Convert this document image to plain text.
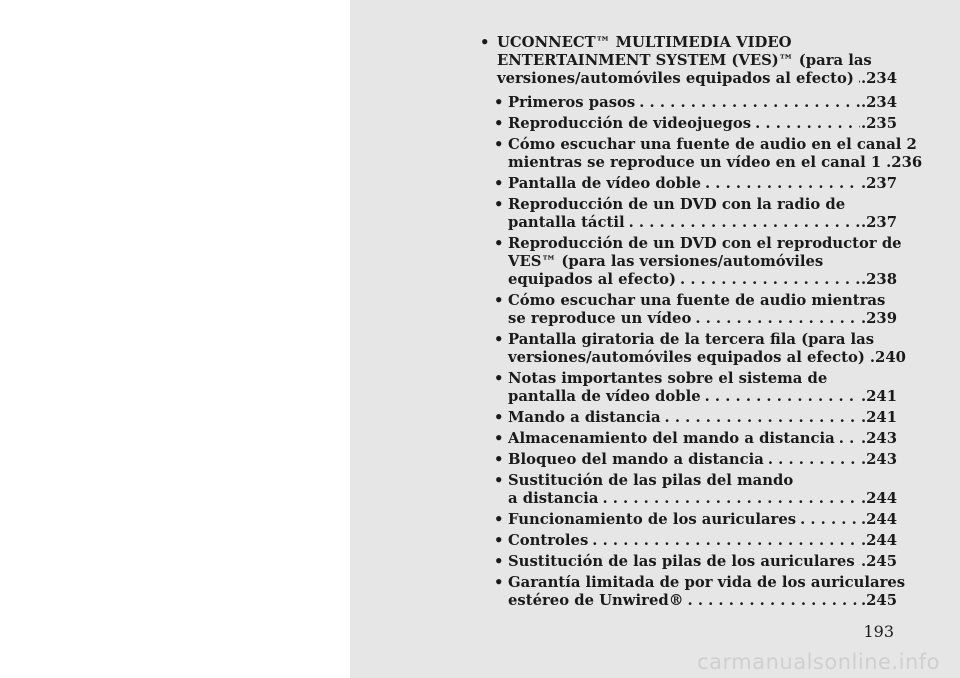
• UCONNECT™ MULTIMEDIA VIDEO
ENTERTAINMENT SYSTEM (VES)™ (para las
versiones/automóviles equipados al efecto) . . . .234
• Primeros pasos . . .	.234
• Reproducción de videojuegos . . .	.235
• Cómo escuchar una fuente de audio en el canal 2
mientras se reproduce un vídeo en el canal 1 .236
• Pantalla de vídeo doble . . .	.237
• Reproducción de un DVD con la radio de
pantalla táctil . . .	.237
• Reproducción de un DVD con el reproductor de
VES™ (para las versiones/automóviles
equipados al efecto) . . .	.238
• Cómo escuchar una fuente de audio mientras
se reproduce un vídeo . . .	.239
• Pantalla giratoria de la tercera fila (para las
versiones/automóviles equipados al efecto) .240
• Notas importantes sobre el sistema de
pantalla de vídeo doble . . .	.241
• Mando a distancia . . .	.241
• Almacenamiento del mando a distancia . . . .243
• Bloqueo del mando a distancia . . .	.243
• Sustitución de las pilas del mando
a distancia . . .	.244
• Funcionamiento de los auriculares . . .	.244
• Controles . . .	.244
• Sustitución de las pilas de los auriculares . . . .245
• Garantía limitada de por vida de los auriculares
estéreo de Unwired® . . .	.245
193
carmanualsonline.info
